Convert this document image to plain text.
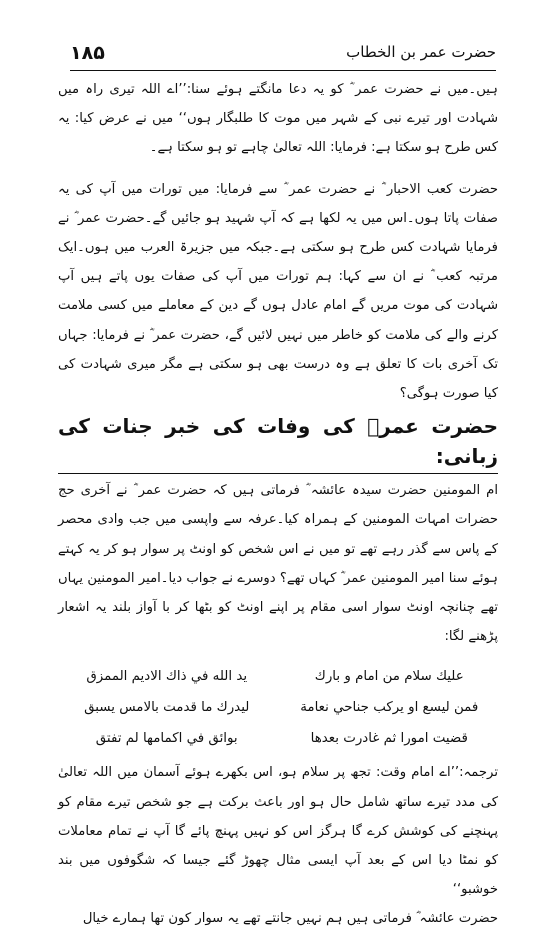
حضرت عمر بن الخطاب
۱۸۵

ہیں۔میں نے حضرت عمر ؓ کو یہ دعا مانگتے ہوئے سنا:’’اے اللہ تیری راہ میں شہادت اور تیرے نبی کے شہر میں موت کا طلبگار ہوں‘‘ میں نے عرض کیا: یہ کس طرح ہو سکتا ہے: فرمایا: اللہ تعالیٰ چاہے تو ہو سکتا ہے۔

حضرت کعب الاحبار ؓ نے حضرت عمر ؓ سے فرمایا: میں تورات میں آپ کی یہ صفات پاتا ہوں۔اس میں یہ لکھا ہے کہ آپ شہید ہو جائیں گے۔حضرت عمر ؓ نے فرمایا شہادت کس طرح ہو سکتی ہے۔جبکہ میں جزیرۃ العرب میں ہوں۔ایک مرتبہ کعب ؓ نے ان سے کہا: ہم تورات میں آپ کی صفات یوں پاتے ہیں آپ شہادت کی موت مریں گے امام عادل ہوں گے دین کے معاملے میں کسی ملامت کرنے والے کی ملامت کو خاطر میں نہیں لائیں گے، حضرت عمر ؓ نے فرمایا: جہاں تک آخری بات کا تعلق ہے وہ درست بھی ہو سکتی ہے مگر میری شہادت کی کیا صورت ہوگی؟

حضرت عمرؓ کی وفات کی خبر جنات کی زبانی:

ام المومنین حضرت سیدہ عائشہ ؓ فرماتی ہیں کہ حضرت عمر ؓ نے آخری حج حضرات امہات المومنین کے ہمراہ کیا۔عرفہ سے واپسی میں جب وادی محصر کے پاس سے گذر رہے تھے تو میں نے اس شخص کو اونٹ پر سوار ہو کر یہ کہتے ہوئے سنا امیر المومنین عمر ؓ کہاں تھے؟ دوسرے نے جواب دیا۔امیر المومنین یہاں تھے چنانچہ اونٹ سوار اسی مقام پر اپنے اونٹ کو بٹھا کر با آواز بلند یہ اشعار پڑھنے لگا:

عليك سلام من امام و بارك
يد الله في ذاك الاديم الممزق
فمن ليسع او يركب جناحي نعامة
ليدرك ما قدمت بالامس يسبق
قضيت امورا ثم غادرت بعدها
بوائق في اكمامها لم تفتق

ترجمہ:’’اے امام وقت: تجھ پر سلام ہو، اس بکھرے ہوئے آسمان میں اللہ تعالیٰ کی مدد تیرے ساتھ شامل حال ہو اور باعث برکت ہے جو شخص تیرے مقام کو پہنچنے کی کوشش کرے گا ہرگز اس کو نہیں پہنچ پائے گا آپ نے تمام معاملات کو نمٹا دیا اس کے بعد آپ ایسی مثال چھوڑ گئے جیسا کہ شگوفوں میں بند خوشبو‘‘

حضرت عائشہ ؓ فرماتی ہیں ہم نہیں جانتے تھے یہ سوار کون تھا ہمارے خیال
